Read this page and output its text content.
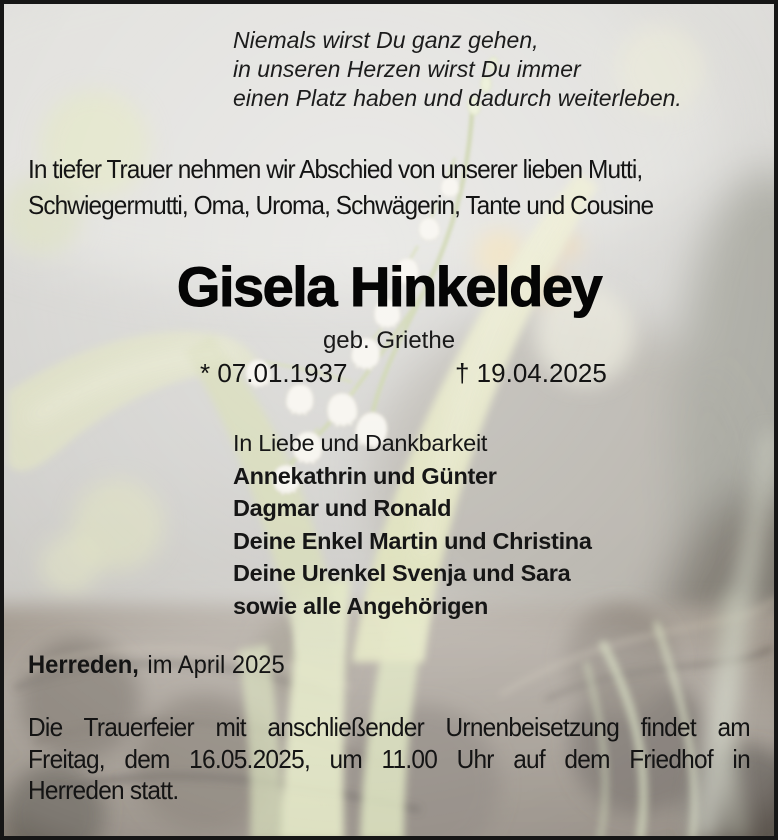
Niemals wirst Du ganz gehen,
in unseren Herzen wirst Du immer
einen Platz haben und dadurch weiterleben.
In tiefer Trauer nehmen wir Abschied von unserer lieben Mutti,
Schwiegermutti, Oma, Uroma, Schwägerin, Tante und Cousine
Gisela Hinkeldey
geb. Griethe
* 07.01.1937	† 19.04.2025
In Liebe und Dankbarkeit
Annekathrin und Günter
Dagmar und Ronald
Deine Enkel Martin und Christina
Deine Urenkel Svenja und Sara
sowie alle Angehörigen
Herreden, im April 2025
Die Trauerfeier mit anschließender Urnenbeisetzung findet am
Freitag, dem 16.05.2025, um 11.00 Uhr auf dem Friedhof in
Herreden statt.
